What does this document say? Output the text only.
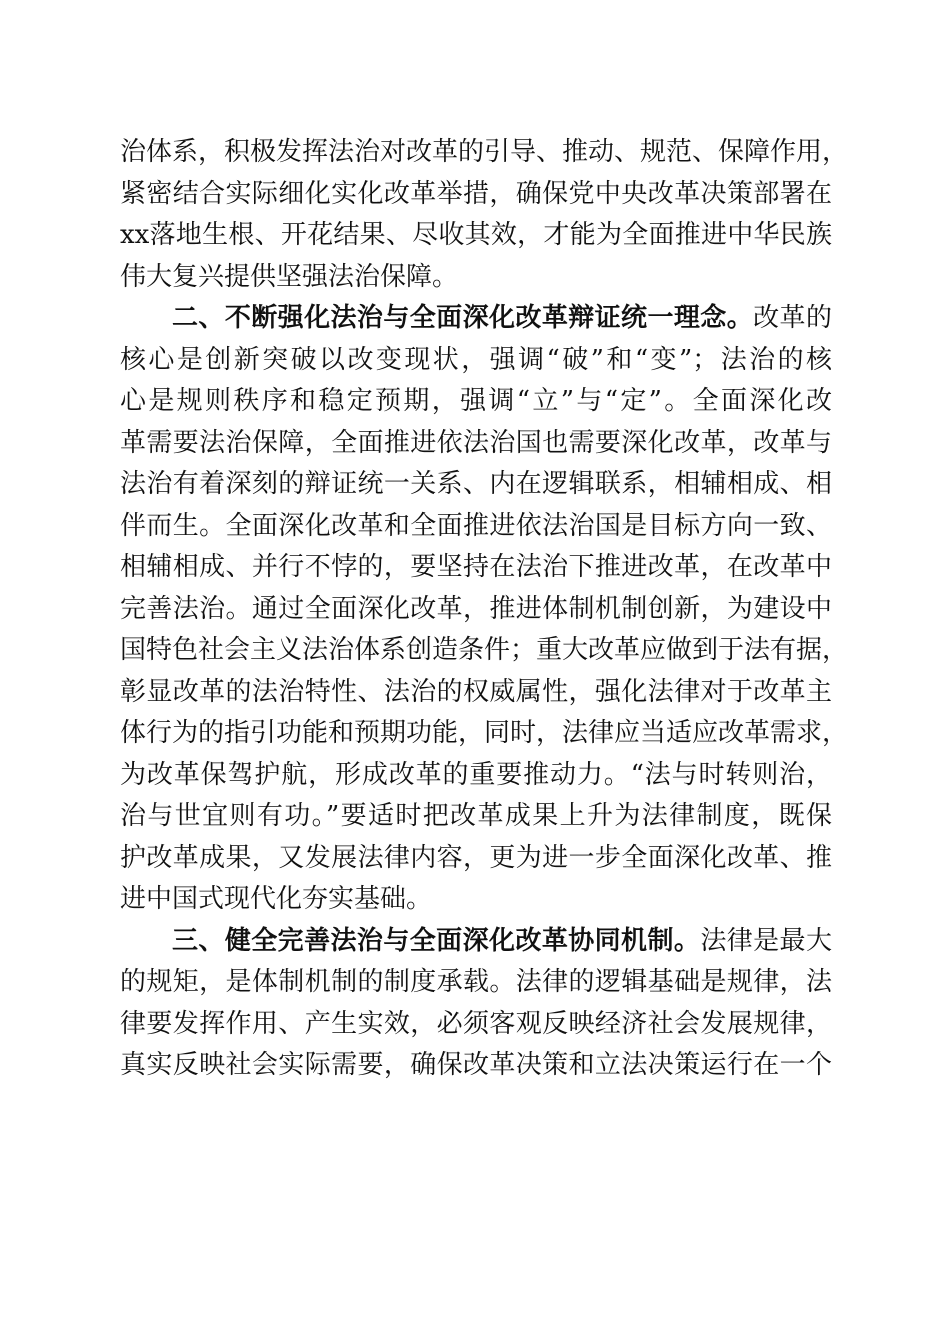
治体系，积极发挥法治对改革的引导、推动、规范、保障作用，
紧密结合实际细化实化改革举措，确保党中央改革决策部署在
xx落地生根、开花结果、尽收其效，才能为全面推进中华民族
伟大复兴提供坚强法治保障。
二、不断强化法治与全面深化改革辩证统一理念。改革的
核心是创新突破以改变现状，强调“破”和“变”；法治的核
心是规则秩序和稳定预期，强调“立”与“定”。全面深化改
革需要法治保障，全面推进依法治国也需要深化改革，改革与
法治有着深刻的辩证统一关系、内在逻辑联系，相辅相成、相
伴而生。全面深化改革和全面推进依法治国是目标方向一致、
相辅相成、并行不悖的，要坚持在法治下推进改革，在改革中
完善法治。通过全面深化改革，推进体制机制创新，为建设中
国特色社会主义法治体系创造条件；重大改革应做到于法有据，
彰显改革的法治特性、法治的权威属性，强化法律对于改革主
体行为的指引功能和预期功能，同时，法律应当适应改革需求，
为改革保驾护航，形成改革的重要推动力。“法与时转则治，
治与世宜则有功。”要适时把改革成果上升为法律制度，既保
护改革成果，又发展法律内容，更为进一步全面深化改革、推
进中国式现代化夯实基础。
三、健全完善法治与全面深化改革协同机制。法律是最大
的规矩，是体制机制的制度承载。法律的逻辑基础是规律，法
律要发挥作用、产生实效，必须客观反映经济社会发展规律，
真实反映社会实际需要，确保改革决策和立法决策运行在一个
